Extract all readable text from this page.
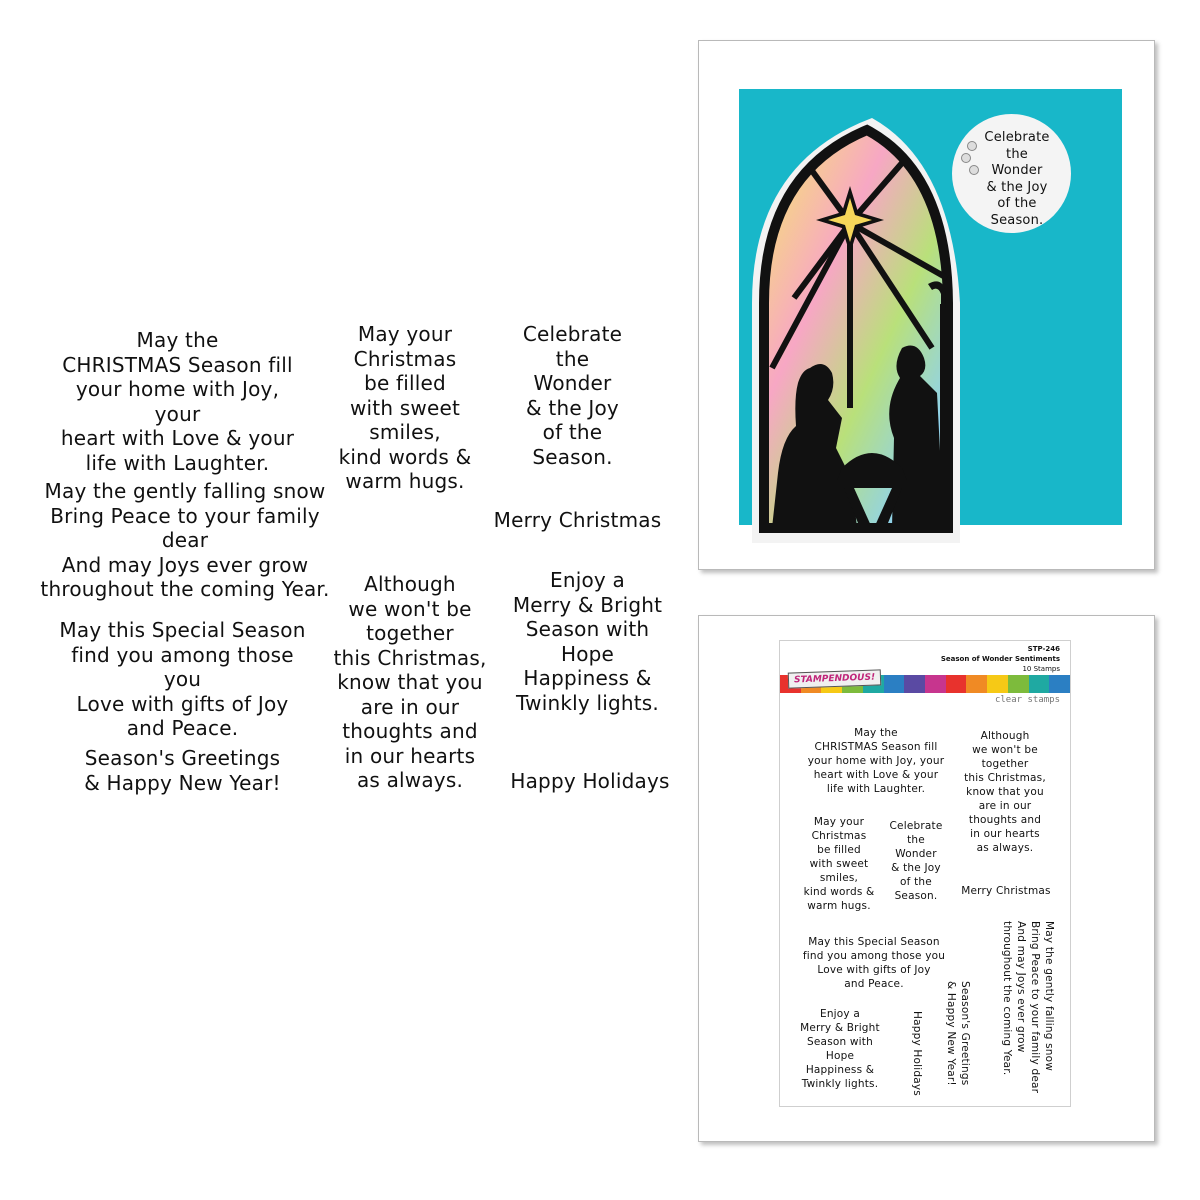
May the
CHRISTMAS Season fill
your home with Joy, your
heart with Love & your
life with Laughter.
May the gently falling snow
Bring Peace to your family dear
And may Joys ever grow
throughout the coming Year.
May this Special Season
find you among those you
Love with gifts of Joy
and Peace.
Season's Greetings
& Happy New Year!
May your
Christmas
be filled
with sweet
smiles,
kind words &
warm hugs.
Although
we won't be
together
this Christmas,
know that you
are in our
thoughts and
in our hearts
as always.
Celebrate
the
Wonder
& the Joy
of the
Season.
Merry Christmas
Enjoy a
Merry & Bright
Season with
Hope
Happiness &
Twinkly lights.
Happy Holidays
Celebrate
the
Wonder
& the Joy
of the
Season.
STP-246
Season of Wonder Sentiments
10 Stamps
STAMPENDOUS!
clear stamps
May the
CHRISTMAS Season fill
your home with Joy, your
heart with Love & your
life with Laughter.
Although
we won't be
together
this Christmas,
know that you
are in our
thoughts and
in our hearts
as always.
May your
Christmas
be filled
with sweet
smiles,
kind words &
warm hugs.
Celebrate
the
Wonder
& the Joy
of the
Season.	Merry Christmas
May this Special Season
find you among those you
Love with gifts of Joy
and Peace.
Enjoy a
Merry & Bright
Season with
Hope
Happiness &
Twinkly lights.	Happy Holidays
Season's Greetings
& Happy New Year!
May the gently falling snow
Bring Peace to your family dear
And may Joys ever grow
throughout the coming Year.
